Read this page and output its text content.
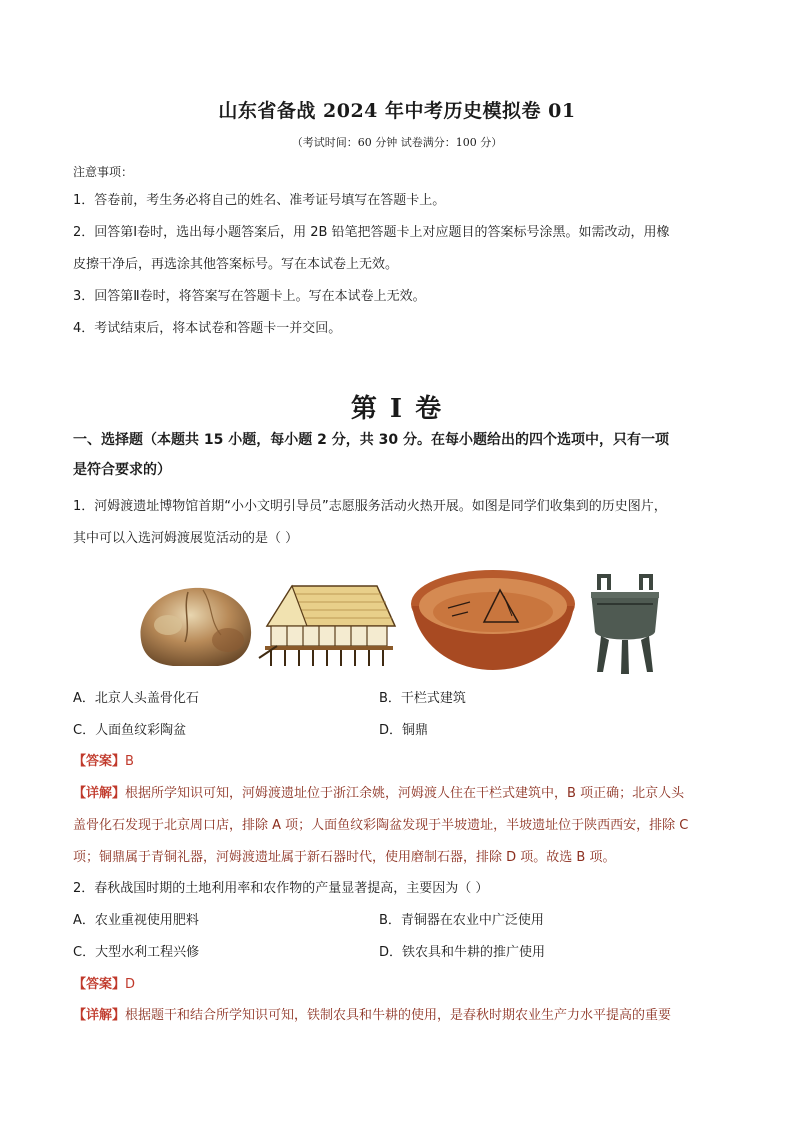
山东省备战 2024 年中考历史模拟卷 01
（考试时间：60 分钟 试卷满分：100 分）
注意事项：
1．答卷前，考生务必将自己的姓名、准考证号填写在答题卡上。
2．回答第Ⅰ卷时，选出每小题答案后，用 2B 铅笔把答题卡上对应题目的答案标号涂黑。如需改动，用橡
皮擦干净后，再选涂其他答案标号。写在本试卷上无效。
3．回答第Ⅱ卷时，将答案写在答题卡上。写在本试卷上无效。
4．考试结束后，将本试卷和答题卡一并交回。
第 I 卷
一、选择题（本题共 15 小题，每小题 2 分，共 30 分。在每小题给出的四个选项中，只有一项
是符合要求的）
1．河姆渡遗址博物馆首期“小小文明引导员”志愿服务活动火热开展。如图是同学们收集到的历史图片，
其中可以入选河姆渡展览活动的是（ ）
A．北京人头盖骨化石	B．干栏式建筑
C．人面鱼纹彩陶盆	D．铜鼎
【答案】B
【详解】根据所学知识可知，河姆渡遗址位于浙江余姚，河姆渡人住在干栏式建筑中，B 项正确；北京人头
盖骨化石发现于北京周口店，排除 A 项；人面鱼纹彩陶盆发现于半坡遗址，半坡遗址位于陕西西安，排除 C
项；铜鼎属于青铜礼器，河姆渡遗址属于新石器时代，使用磨制石器，排除 D 项。故选 B 项。
2．春秋战国时期的土地利用率和农作物的产量显著提高，主要因为（ ）
A．农业重视使用肥料	B．青铜器在农业中广泛使用
C．大型水利工程兴修	D．铁农具和牛耕的推广使用
【答案】D
【详解】根据题干和结合所学知识可知，铁制农具和牛耕的使用，是春秋时期农业生产力水平提高的重要
